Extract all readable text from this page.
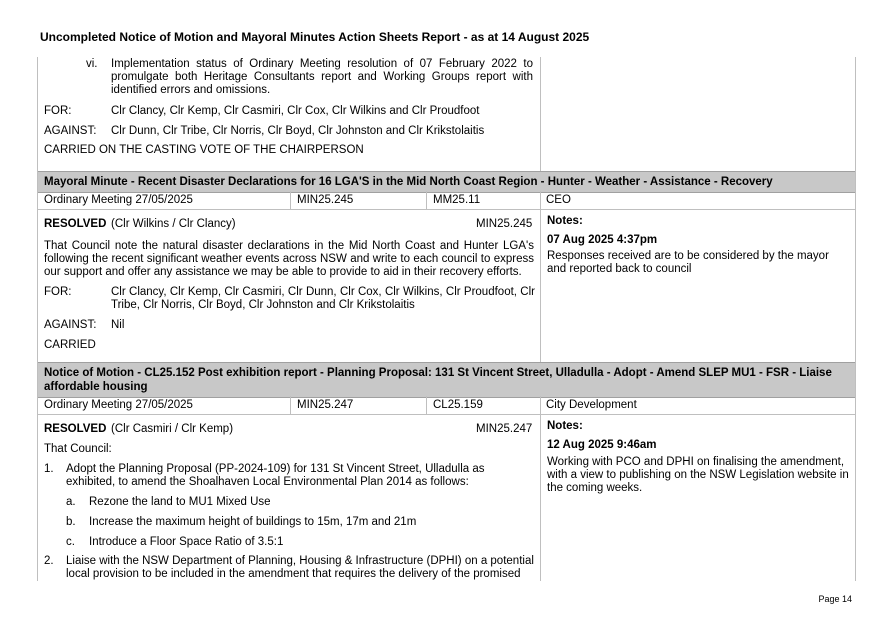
Uncompleted Notice of Motion and Mayoral Minutes Action Sheets Report - as at 14 August 2025
vi. Implementation status of Ordinary Meeting resolution of 07 February 2022 to promulgate both Heritage Consultants report and Working Groups report with identified errors and omissions.
FOR:	Clr Clancy, Clr Kemp, Clr Casmiri, Clr Cox, Clr Wilkins and Clr Proudfoot
AGAINST: Clr Dunn, Clr Tribe, Clr Norris, Clr Boyd, Clr Johnston and Clr Krikstolaitis
CARRIED ON THE CASTING VOTE OF THE CHAIRPERSON
Mayoral Minute - Recent Disaster Declarations for 16 LGA'S in the Mid North Coast Region - Hunter - Weather - Assistance - Recovery
Ordinary Meeting 27/05/2025	MIN25.245	MM25.11	CEO
RESOLVED (Clr Wilkins / Clr Clancy)	MIN25.245
That Council note the natural disaster declarations in the Mid North Coast and Hunter LGA's following the recent significant weather events across NSW and write to each council to express our support and offer any assistance we may be able to provide to aid in their recovery efforts.
FOR:	Clr Clancy, Clr Kemp, Clr Casmiri, Clr Dunn, Clr Cox, Clr Wilkins, Clr Proudfoot, Clr Tribe, Clr Norris, Clr Boyd, Clr Johnston and Clr Krikstolaitis
AGAINST: Nil
CARRIED
Notes:
07 Aug 2025 4:37pm
Responses received are to be considered by the mayor and reported back to council
Notice of Motion - CL25.152 Post exhibition report - Planning Proposal: 131 St Vincent Street, Ulladulla - Adopt - Amend SLEP MU1 - FSR - Liaise affordable housing
Ordinary Meeting 27/05/2025	MIN25.247	CL25.159	City Development
RESOLVED (Clr Casmiri / Clr Kemp)	MIN25.247
That Council:
1. Adopt the Planning Proposal (PP-2024-109) for 131 St Vincent Street, Ulladulla as exhibited, to amend the Shoalhaven Local Environmental Plan 2014 as follows:
a. Rezone the land to MU1 Mixed Use
b. Increase the maximum height of buildings to 15m, 17m and 21m
c. Introduce a Floor Space Ratio of 3.5:1
2. Liaise with the NSW Department of Planning, Housing & Infrastructure (DPHI) on a potential local provision to be included in the amendment that requires the delivery of the promised
Notes:
12 Aug 2025 9:46am
Working with PCO and DPHI on finalising the amendment, with a view to publishing on the NSW Legislation website in the coming weeks.
Page 14
